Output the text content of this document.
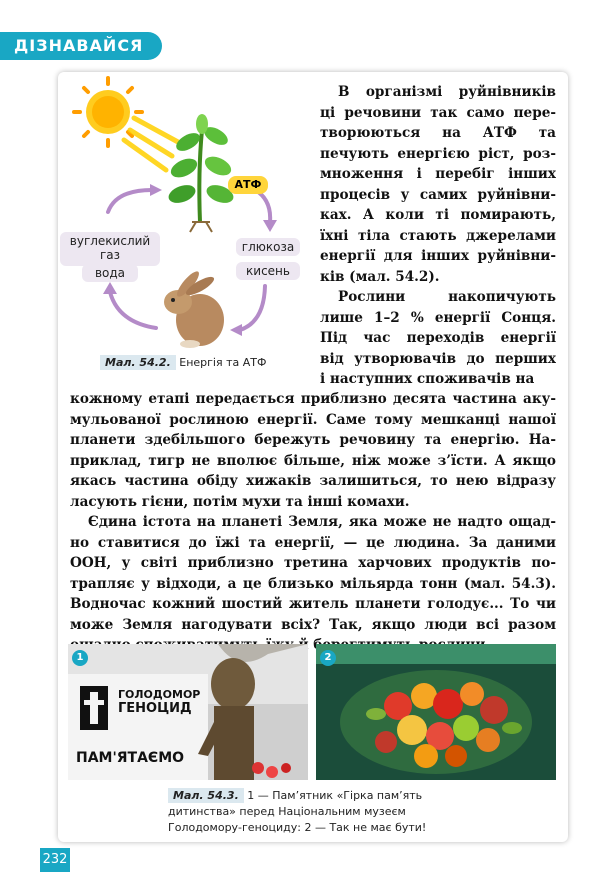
ДІЗНАВАЙСЯ
АТФ
вуглекислий
газ
вода
глюкоза
кисень
Мал. 54.2. Енергія та АТФ
В організмі руйнівників
ці речовини так само пере-
творюються на АТФ та
печують енергією ріст, роз-
множення і перебіг інших
процесів у самих руйнівни-
ках. А коли ті помирають,
їхні тіла стають джерелами
енергії для інших руйнівни-
ків (мал. 54.2).
Рослини накопичують
лише 1–2 % енергії Сонця.
Під час переходів енергії
від утворювачів до перших
і наступних споживачів на
кожному етапі передається приблизно десята частина аку-
мульованої рослиною енергії. Саме тому мешканці нашої
планети здебільшого бережуть речовину та енергію. На-
приклад, тигр не вполює більше, ніж може з’їсти. А якщо
якась частина обіду хижаків залишиться, то нею відразу
ласують гієни, потім мухи та інші комахи.
Єдина істота на планеті Земля, яка може не надто ощад-
но ставитися до їжі та енергії, — це людина. За даними
ООН, у світі приблизно третина харчових продуктів по-
трапляє у відходи, а це близько мільярда тонн (мал. 54.3).
Водночас кожний шостий житель планети голодує... То чи
може Земля нагодувати всіх? Так, якщо люди всі разом
ГОЛОДОМОР
ГЕНОЦИД
ПАМ'ЯТАЄМО
1	2
Мал. 54.3. 1 — Пам’ятник «Гірка пам’ять
дитинства» перед Національним музеєм
Голодомору-геноциду: 2 — Так не має бути!
232
